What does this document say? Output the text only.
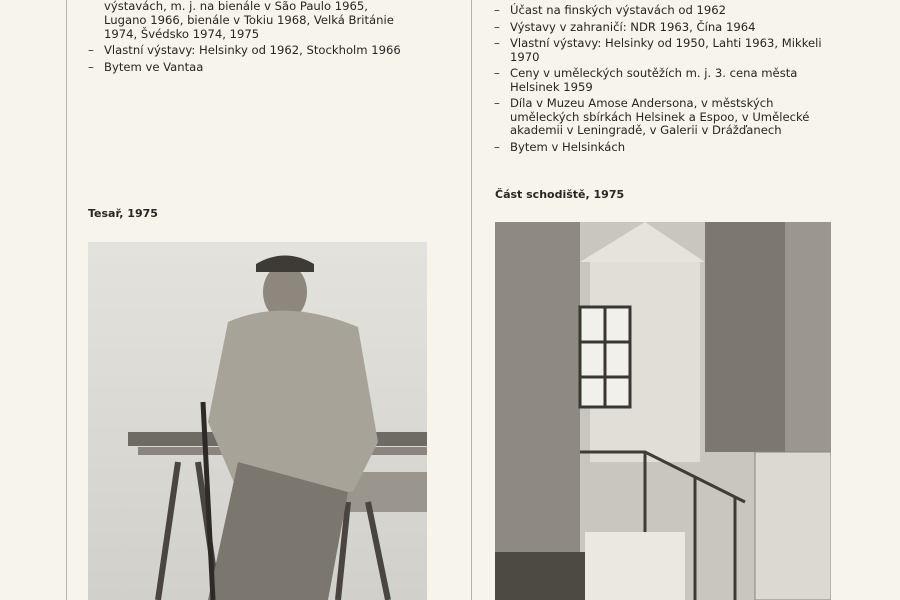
výstavách, m. j. na bienále v São Paulo 1965,
Lugano 1966, bienále v Tokiu 1968, Velká Británie 1974, Švédsko 1974, 1975
– Vlastní výstavy: Helsinky od 1962, Stockholm 1966
– Bytem ve Vantaa
– Účast na finských výstavách od 1962
– Výstavy v zahraničí: NDR 1963, Čína 1964
– Vlastní výstavy: Helsinky od 1950, Lahti 1963, Mikkeli 1970
– Ceny v uměleckých soutěžích m. j. 3. cena města Helsinek 1959
– Díla v Muzeu Amose Andersona, v městských uměleckých sbírkách Helsinek a Espoo, v Umělecké akademii v Leningradě, v Galerii v Drážďanech
– Bytem v Helsinkách
Tesař, 1975
Část schodiště, 1975
